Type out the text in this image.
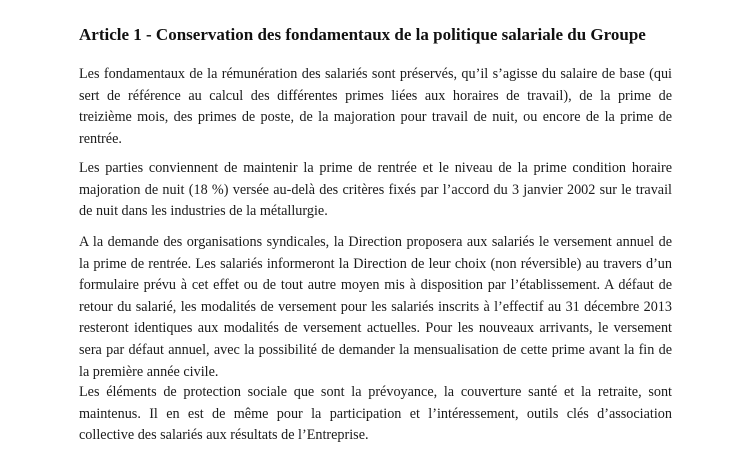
Article 1 - Conservation des fondamentaux de la politique salariale du Groupe

Les fondamentaux de la rémunération des salariés sont préservés, qu’il s’agisse du salaire de base (qui
sert de référence au calcul des différentes primes liées aux horaires de travail), de la prime de
treizième mois, des primes de poste, de la majoration pour travail de nuit, ou encore de la prime de
rentrée.

Les parties conviennent de maintenir la prime de rentrée et le niveau de la prime condition horaire
majoration de nuit (18 %) versée au-delà des critères fixés par l’accord du 3 janvier 2002 sur le travail
de nuit dans les industries de la métallurgie.

A la demande des organisations syndicales, la Direction proposera aux salariés le versement annuel de
la prime de rentrée. Les salariés informeront la Direction de leur choix (non réversible) au travers d’un
formulaire prévu à cet effet ou de tout autre moyen mis à disposition par l’établissement. A défaut de
retour du salarié, les modalités de versement pour les salariés inscrits à l’effectif au 31 décembre 2013
resteront identiques aux modalités de versement actuelles. Pour les nouveaux arrivants, le versement
sera par défaut annuel, avec la possibilité de demander la mensualisation de cette prime avant la fin de
la première année civile.

Les éléments de protection sociale que sont la prévoyance, la couverture santé et la retraite, sont
maintenus. Il en est de même pour la participation et l’intéressement, outils clés d’association
collective des salariés aux résultats de l’Entreprise.
